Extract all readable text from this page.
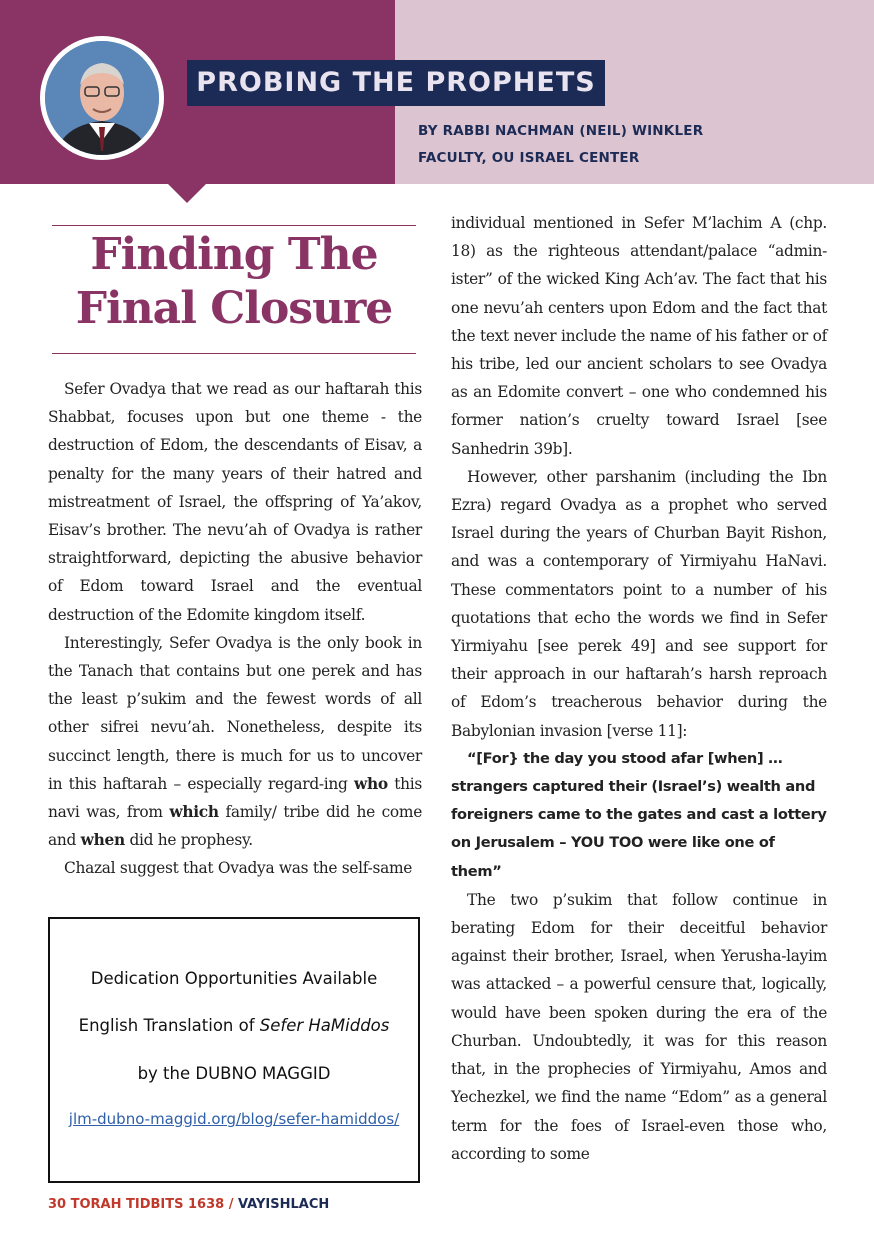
PROBING THE PROPHETS
BY RABBI NACHMAN (NEIL) WINKLER
FACULTY, OU ISRAEL CENTER
Finding The
Final Closure

Sefer Ovadya that we read as our haftarah this Shabbat, focuses upon but one theme - the destruction of Edom, the descendants of Eisav, a penalty for the many years of their hatred and mistreatment of Israel, the offspring of Ya’akov, Eisav’s brother. The nevu’ah of Ovadya is rather straightforward, depicting the abusive behavior of Edom toward Israel and the eventual destruction of the Edomite kingdom itself.

Interestingly, Sefer Ovadya is the only book in the Tanach that contains but one perek and has the least p’sukim and the fewest words of all other sifrei nevu’ah. Nonetheless, despite its succinct length, there is much for us to uncover in this haftarah – especially regard-ing who this navi was, from which family/ tribe did he come and when did he prophesy.

Chazal suggest that Ovadya was the self-same

individual mentioned in Sefer M’lachim A (chp. 18) as the righteous attendant/palace “admin-ister” of the wicked King Ach’av. The fact that his one nevu’ah centers upon Edom and the fact that the text never include the name of his father or of his tribe, led our ancient scholars to see Ovadya as an Edomite convert – one who condemned his former nation’s cruelty toward Israel [see Sanhedrin 39b].

However, other parshanim (including the Ibn Ezra) regard Ovadya as a prophet who served Israel during the years of Churban Bayit Rishon, and was a contemporary of Yirmiyahu HaNavi. These commentators point to a number of his quotations that echo the words we find in Sefer Yirmiyahu [see perek 49] and see support for their approach in our haftarah’s harsh reproach of Edom’s treacherous behavior during the Babylonian invasion [verse 11]:

“[For} the day you stood afar [when] … strangers captured their (Israel’s) wealth and foreigners came to the gates and cast a lottery on Jerusalem – YOU TOO were like one of them”

The two p’sukim that follow continue in berating Edom for their deceitful behavior against their brother, Israel, when Yerusha-layim was attacked – a powerful censure that, logically, would have been spoken during the era of the Churban. Undoubtedly, it was for this reason that, in the prophecies of Yirmiyahu, Amos and Yechezkel, we find the name “Edom” as a general term for the foes of Israel-even those who, according to some

Dedication Opportunities Available
English Translation of Sefer HaMiddos
by the DUBNO MAGGID
jlm-dubno-maggid.org/blog/sefer-hamiddos/
30 TORAH TIDBITS 1638 / VAYISHLACH
